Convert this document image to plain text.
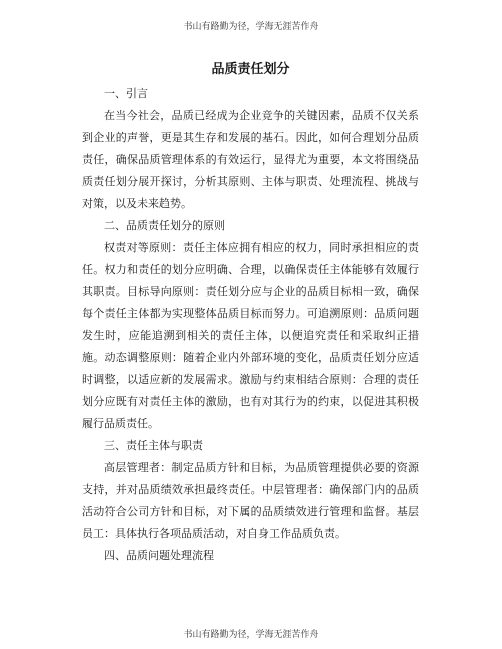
书山有路勤为径，学海无涯苦作舟
品质责任划分
一、引言

在当今社会，品质已经成为企业竞争的关键因素，品质不仅关系到企业的声誉，更是其生存和发展的基石。因此，如何合理划分品质责任，确保品质管理体系的有效运行，显得尤为重要，本文将围绕品质责任划分展开探讨，分析其原则、主体与职责、处理流程、挑战与对策，以及未来趋势。

二、品质责任划分的原则

权责对等原则：责任主体应拥有相应的权力，同时承担相应的责任。权力和责任的划分应明确、合理，以确保责任主体能够有效履行其职责。目标导向原则：责任划分应与企业的品质目标相一致，确保每个责任主体都为实现整体品质目标而努力。可追溯原则：品质问题发生时，应能追溯到相关的责任主体，以便追究责任和采取纠正措施。动态调整原则：随着企业内外部环境的变化，品质责任划分应适时调整，以适应新的发展需求。激励与约束相结合原则：合理的责任划分应既有对责任主体的激励，也有对其行为的约束，以促进其积极履行品质责任。

三、责任主体与职责

高层管理者：制定品质方针和目标，为品质管理提供必要的资源支持，并对品质绩效承担最终责任。中层管理者：确保部门内的品质活动符合公司方针和目标，对下属的品质绩效进行管理和监督。基层员工：具体执行各项品质活动，对自身工作品质负责。

四、品质问题处理流程
书山有路勤为径，学海无涯苦作舟
